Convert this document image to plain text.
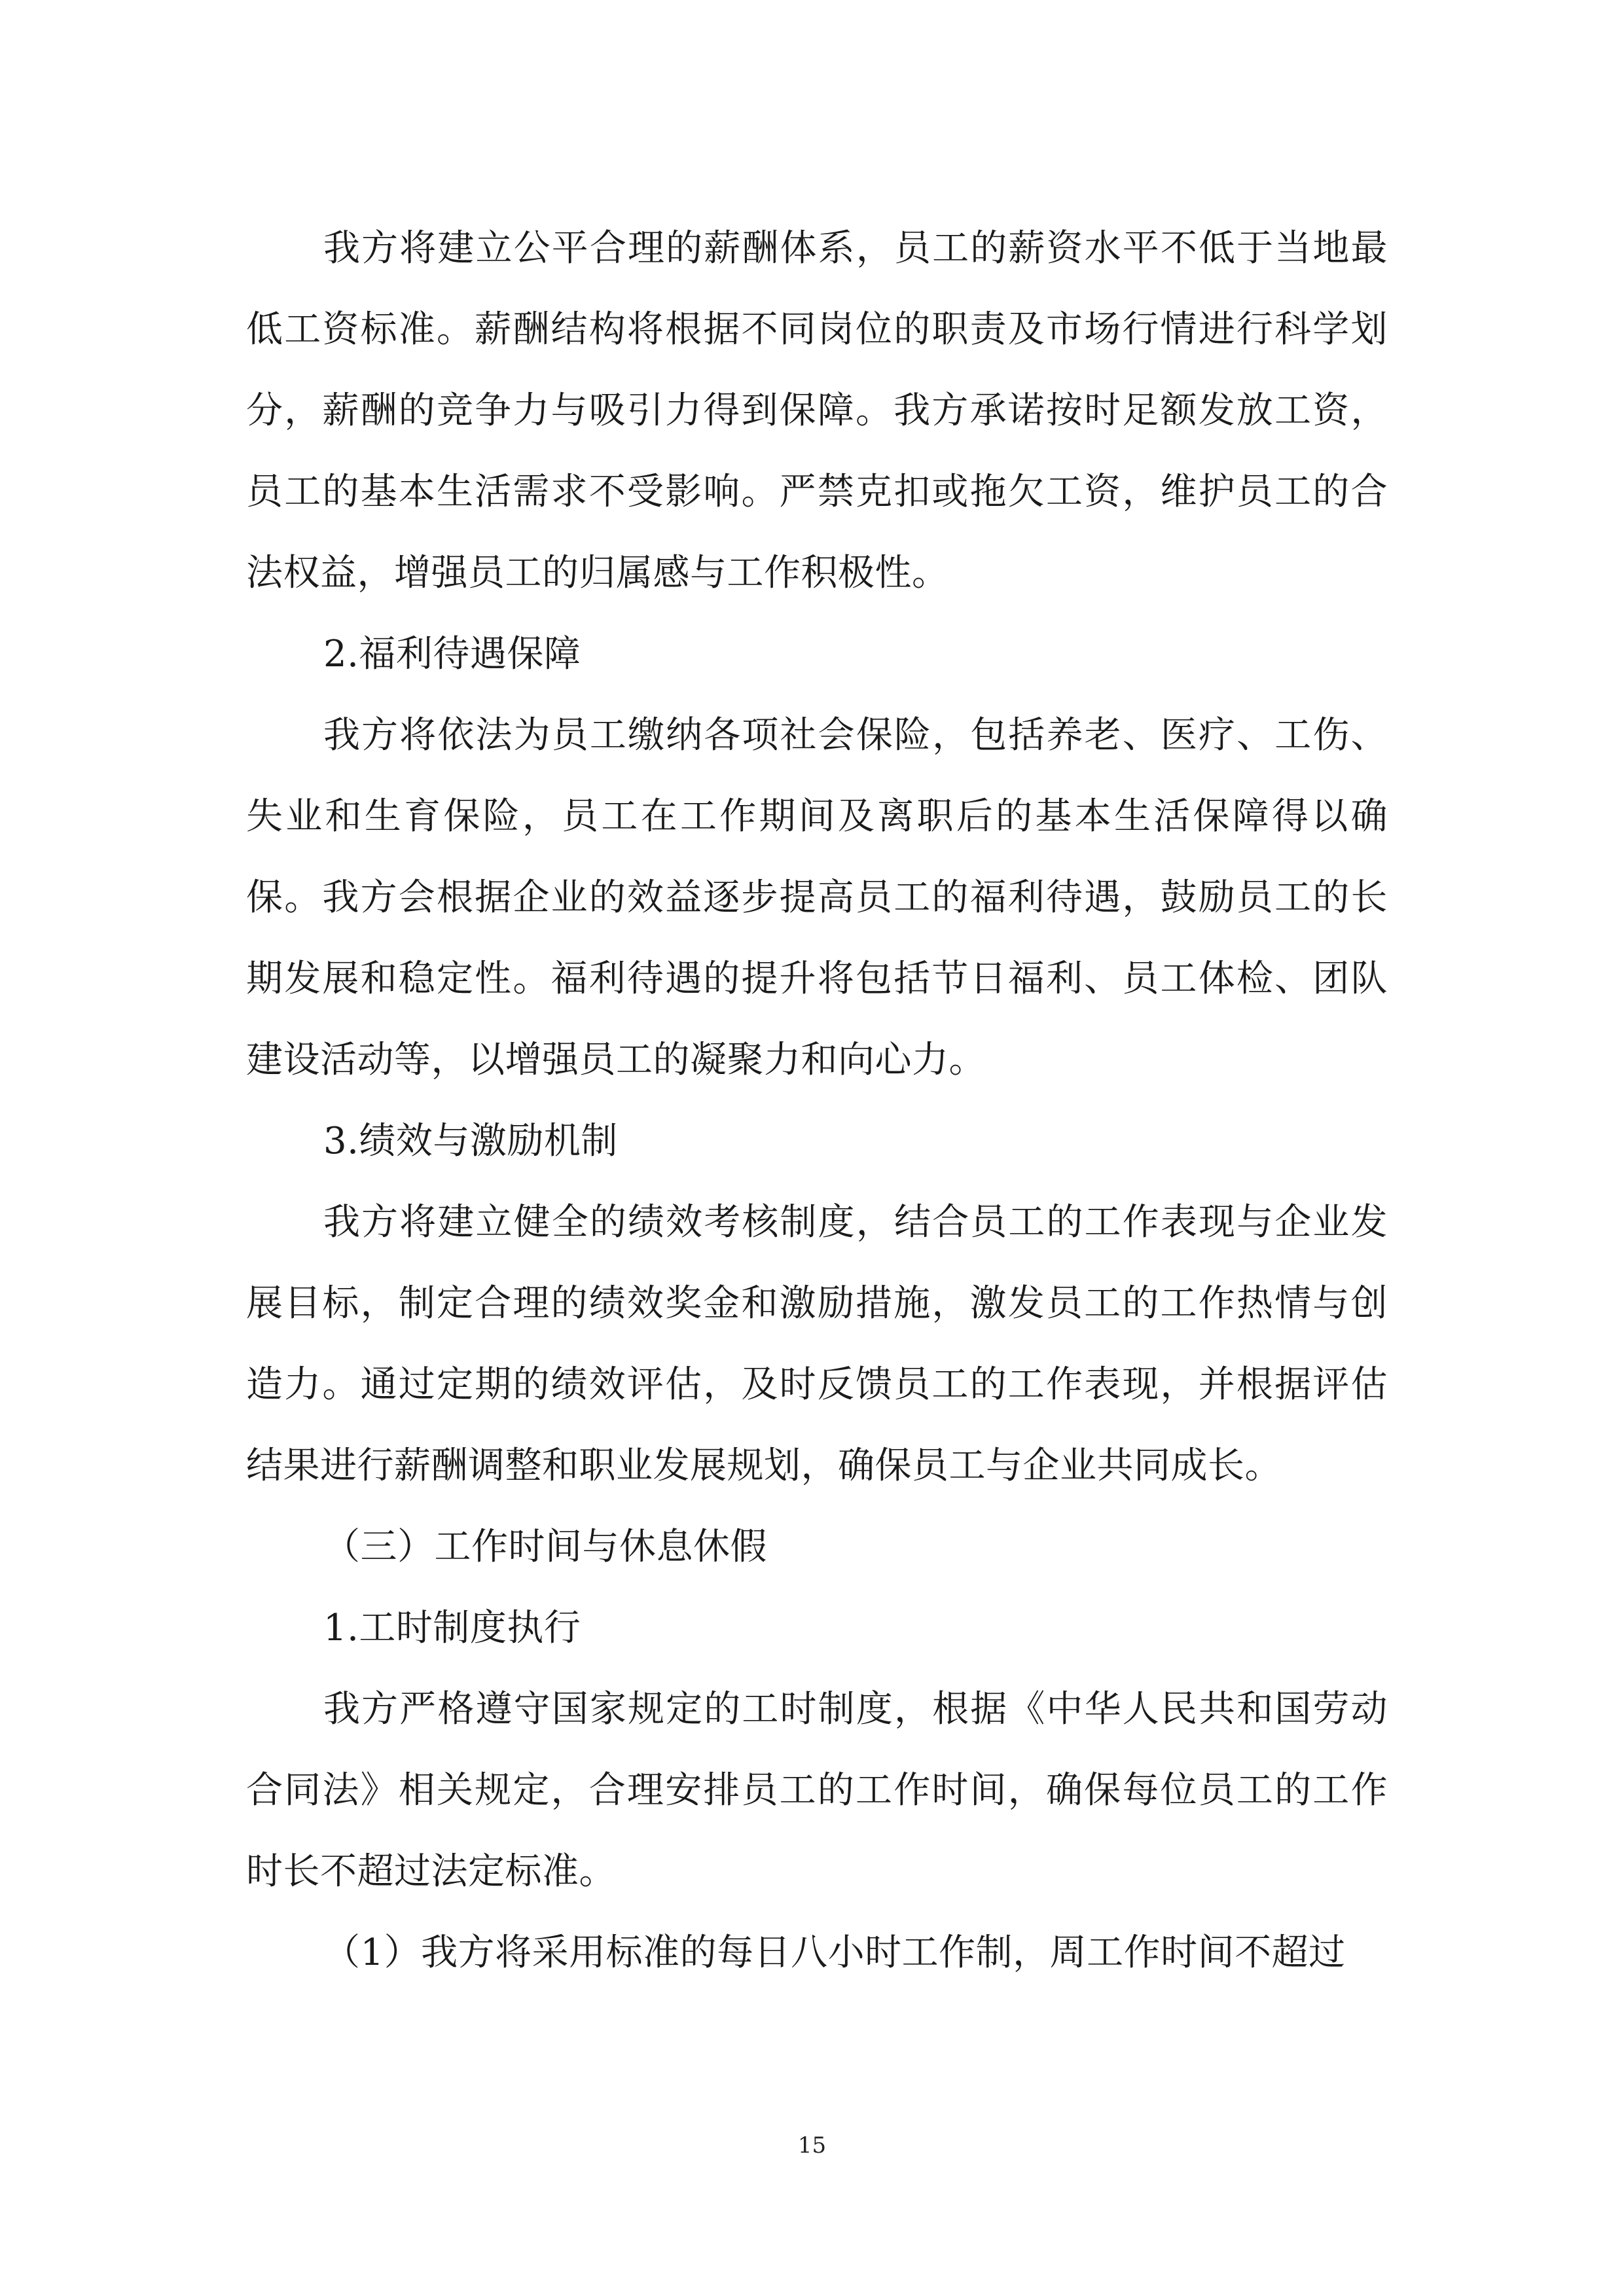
我方将建立公平合理的薪酬体系，员工的薪资水平不低于当地最低工资标准。薪酬结构将根据不同岗位的职责及市场行情进行科学划分，薪酬的竞争力与吸引力得到保障。我方承诺按时足额发放工资，员工的基本生活需求不受影响。严禁克扣或拖欠工资，维护员工的合法权益，增强员工的归属感与工作积极性。

2.福利待遇保障

我方将依法为员工缴纳各项社会保险，包括养老、医疗、工伤、失业和生育保险，员工在工作期间及离职后的基本生活保障得以确保。我方会根据企业的效益逐步提高员工的福利待遇，鼓励员工的长期发展和稳定性。福利待遇的提升将包括节日福利、员工体检、团队建设活动等，以增强员工的凝聚力和向心力。

3.绩效与激励机制

我方将建立健全的绩效考核制度，结合员工的工作表现与企业发展目标，制定合理的绩效奖金和激励措施，激发员工的工作热情与创造力。通过定期的绩效评估，及时反馈员工的工作表现，并根据评估结果进行薪酬调整和职业发展规划，确保员工与企业共同成长。

（三）工作时间与休息休假

1.工时制度执行

我方严格遵守国家规定的工时制度，根据《中华人民共和国劳动合同法》相关规定，合理安排员工的工作时间，确保每位员工的工作时长不超过法定标准。

（1）我方将采用标准的每日八小时工作制，周工作时间不超过

15
